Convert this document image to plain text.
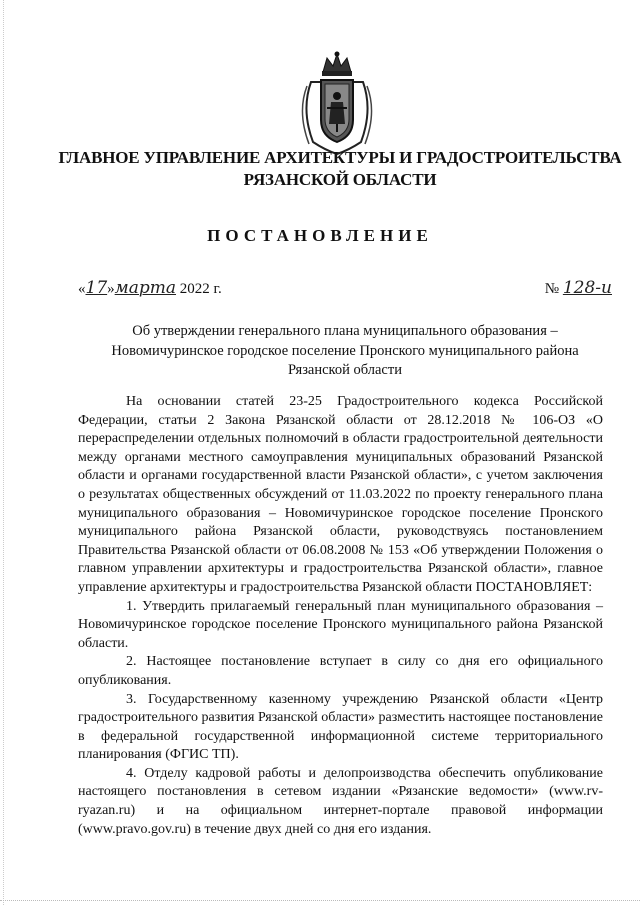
ГЛАВНОЕ УПРАВЛЕНИЕ АРХИТЕКТУРЫ И ГРАДОСТРОИТЕЛЬСТВА
РЯЗАНСКОЙ ОБЛАСТИ
ПОСТАНОВЛЕНИЕ
«17»марта 2022 г.	№ 128-и
Об утверждении генерального плана муниципального образования –
Новомичуринское городское поселение Пронского муниципального района
Рязанской области

На основании статей 23-25 Градостроительного кодекса Российской Федерации, статьи 2 Закона Рязанской области от 28.12.2018 № 106-ОЗ «О перераспределении отдельных полномочий в области градостроительной деятельности между органами местного самоуправления муниципальных образований Рязанской области и органами государственной власти Рязанской области», с учетом заключения о результатах общественных обсуждений от 11.03.2022 по проекту генерального плана муниципального образования – Новомичуринское городское поселение Пронского муниципального района Рязанской области, руководствуясь постановлением Правительства Рязанской области от 06.08.2008 № 153 «Об утверждении Положения о главном управлении архитектуры и градостроительства Рязанской области», главное управление архитектуры и градостроительства Рязанской области ПОСТАНОВЛЯЕТ:

1. Утвердить прилагаемый генеральный план муниципального образования – Новомичуринское городское поселение Пронского муниципального района Рязанской области.

2. Настоящее постановление вступает в силу со дня его официального опубликования.

3. Государственному казенному учреждению Рязанской области «Центр градостроительного развития Рязанской области» разместить настоящее постановление в федеральной государственной информационной системе территориального планирования (ФГИС ТП).

4. Отделу кадровой работы и делопроизводства обеспечить опубликование настоящего постановления в сетевом издании «Рязанские ведомости» (www.rv-ryazan.ru) и на официальном интернет-портале правовой информации (www.pravo.gov.ru) в течение двух дней со дня его издания.
